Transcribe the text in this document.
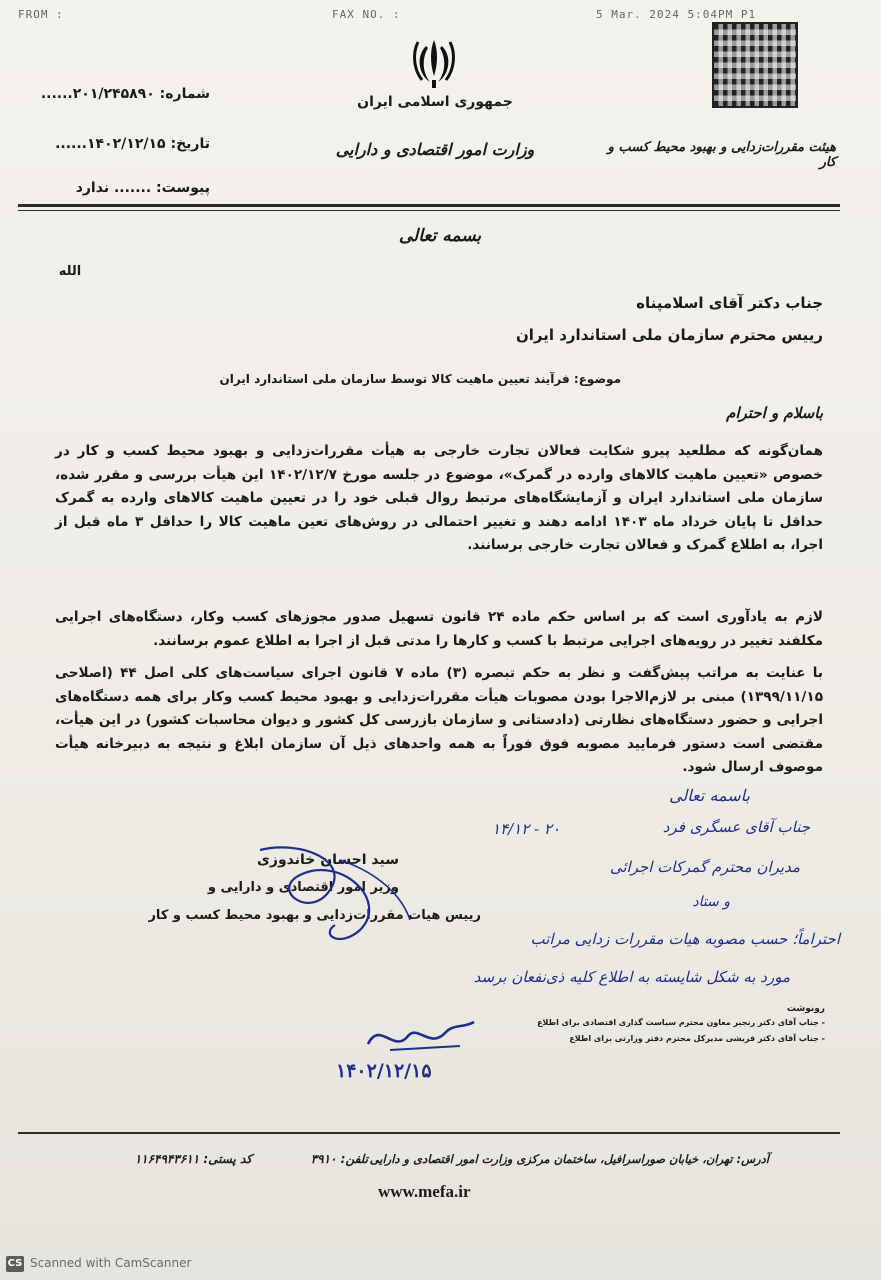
FROM :	FAX NO. :	5 Mar. 2024 5:04PM P1
شماره: ۲۰۱/۲۴۵۸۹۰......
تاریخ: ۱۴۰۲/۱۲/۱۵......
پیوست: ....... ندارد
جمهوری اسلامی ایران
وزارت امور اقتصادی و دارایی	هیئت مقررات‌زدایی و بهبود محیط کسب و کار
بسمه تعالی
الله
جناب دکتر آقای اسلامپناه
رییس محترم سازمان ملی استاندارد ایران
موضوع: فرآیند تعیین ماهیت کالا توسط سازمان ملی استاندارد ایران
باسلام و احترام
همان‌گونه که مطلعید پیرو شکایت فعالان تجارت خارجی به هیأت مقررات‌زدایی و بهبود محیط کسب و کار در خصوص «تعیین ماهیت کالاهای وارده در گمرک»، موضوع در جلسه مورخ ۱۴۰۲/۱۲/۷ این هیأت بررسی و مقرر شده، سازمان ملی استاندارد ایران و آزمایشگاه‌های مرتبط روال قبلی خود را در تعیین ماهیت کالاهای وارده به گمرک حداقل تا پایان خرداد ماه ۱۴۰۳ ادامه دهند و تغییر احتمالی در روش‌های تعین ماهیت کالا را حداقل ۳ ماه قبل از اجرا، به اطلاع گمرک و فعالان تجارت خارجی برسانند.
لازم به یادآوری است که بر اساس حکم ماده ۲۴ قانون تسهیل صدور مجوزهای کسب وکار، دستگاه‌های اجرایی مکلفند تغییر در رویه‌های اجرایی مرتبط با کسب و کارها را مدتی قبل از اجرا به اطلاع عموم برسانند.
با عنایت به مراتب پیش‌گفت و نظر به حکم تبصره (۳) ماده ۷ قانون اجرای سیاست‌های کلی اصل ۴۴ (اصلاحی ۱۳۹۹/۱۱/۱۵) مبنی بر لازم‌الاجرا بودن مصوبات هیأت مقررات‌زدایی و بهبود محیط کسب وکار برای همه دستگاه‌های اجرایی و حضور دستگاه‌های نظارتی (دادستانی و سازمان بازرسی کل کشور و دیوان محاسبات کشور) در این هیأت، مقتضی است دستور فرمایید مصوبه فوق فوراً به همه واحدهای ذیل آن سازمان ابلاغ و نتیجه به دبیرخانه هیأت موصوف ارسال شود.
باسمه تعالی
جناب آقای عسگری فرد
۱۴/۱۲ - ۲۰
مدیران محترم گمرکات اجرائی
و ستاد
احتراماً؛ حسب مصوبه هیات مقررات زدایی مراتب
مورد به شکل شایسته به اطلاع کلیه ذی‌نفعان برسد
سید احسان خاندوزی
وزیر امور اقتصادی و دارایی و
رییس هیات مقررات‌زدایی و بهبود محیط کسب و کار
۱۴۰۲/۱۲/۱۵
رونوشت
- جناب آقای دکتر رنجبر معاون محترم سیاست گذاری اقتصادی برای اطلاع
- جناب آقای دکتر قریشی مدیرکل محترم دفتر وزارتی برای اطلاع
آدرس: تهران، خیابان صوراسرافیل، ساختمان مرکزی وزارت امور اقتصادی و دارایی
تلفن: ۳۹۱۰
کد پستی: ۱۱۶۴۹۴۳۶۱۱
www.mefa.ir
CS Scanned with CamScanner
